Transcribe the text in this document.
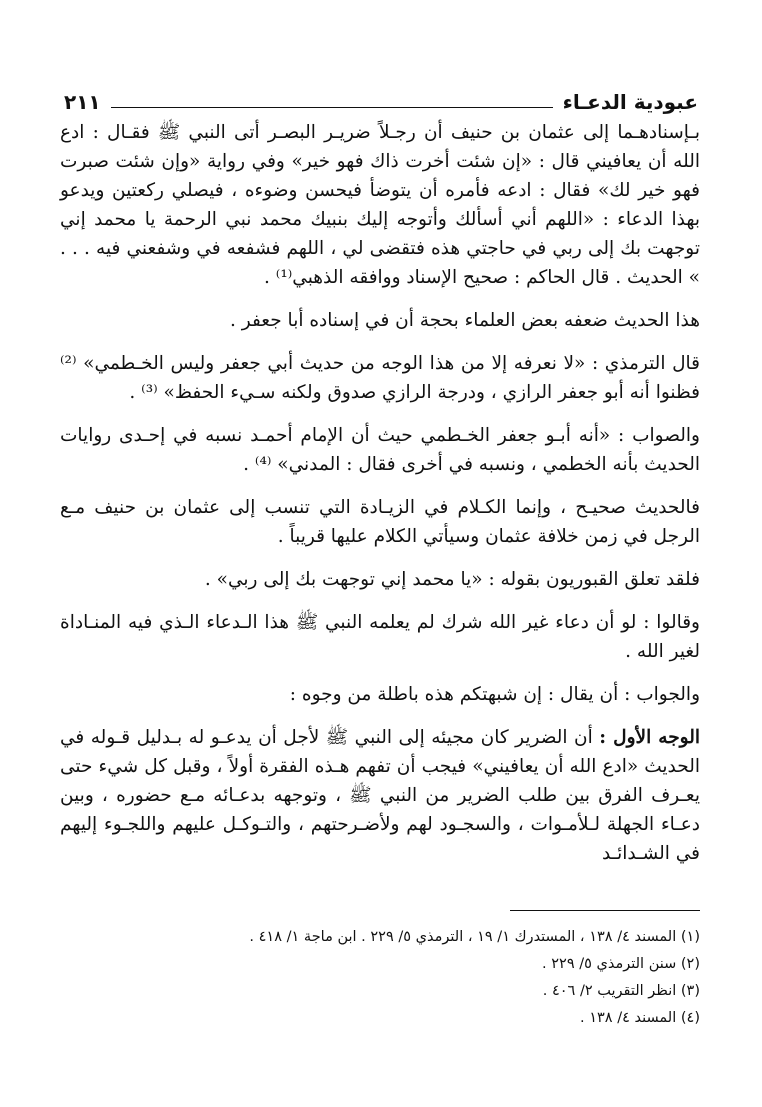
عبودية الدعـاء
٢١١

بـإسنادهـما إلى عثمان بن حنيف أن رجـلاً ضريـر البصـر أتى النبي ﷺ فقـال : ادع الله أن يعافيني قال : «إن شئت أخرت ذاك فهو خير» وفي رواية «وإن شئت صبرت فهو خير لك» فقال : ادعه فأمره أن يتوضأ فيحسن وضوءه ، فيصلي ركعتين ويدعو بهذا الدعاء : «اللهم أني أسألك وأتوجه إليك بنبيك محمد نبي الرحمة يا محمد إني توجهت بك إلى ربي في حاجتي هذه فتقضى لي ، اللهم فشفعه في وشفعني فيه . . . » الحديث . قال الحاكم : صحيح الإسناد ووافقه الذهبي⁽¹⁾ .

هذا الحديث ضعفه بعض العلماء بحجة أن في إسناده أبا جعفر .

قال الترمذي : «لا نعرفه إلا من هذا الوجه من حديث أبي جعفر وليس الخـطمي» ⁽²⁾ فظنوا أنه أبو جعفر الرازي ، ودرجة الرازي صدوق ولكنه سـيء الحفظ» ⁽³⁾ .

والصواب : «أنه أبـو جعفر الخـطمي حيث أن الإمام أحمـد نسبه في إحـدى روايات الحديث بأنه الخطمي ، ونسبه في أخرى فقال : المدني» ⁽⁴⁾ .

فالحديث صحيـح ، وإنما الكـلام في الزيـادة التي تنسب إلى عثمان بن حنيف مـع الرجل في زمن خلافة عثمان وسيأتي الكلام عليها قريباً .

فلقد تعلق القبوريون بقوله : «يا محمد إني توجهت بك إلى ربي» .

وقالوا : لو أن دعاء غير الله شرك لم يعلمه النبي ﷺ هذا الـدعاء الـذي فيه المنـاداة لغير الله .

والجواب : أن يقال : إن شبهتكم هذه باطلة من وجوه :

الوجه الأول : أن الضرير كان مجيئه إلى النبي ﷺ لأجل أن يدعـو له بـدليل قـوله في الحديث «ادع الله أن يعافيني» فيجب أن تفهم هـذه الفقرة أولاً ، وقبل كل شيء حتى يعـرف الفرق بين طلب الضرير من النبي ﷺ ، وتوجهه بدعـائه مـع حضوره ، وبين دعـاء الجهلة لـلأمـوات ، والسجـود لهم ولأضـرحتهم ، والتـوكـل عليهم واللجـوء إليهم في الشـدائـد

(١) المسند ٤/ ١٣٨ ، المستدرك ١/ ١٩ ، الترمذي ٥/ ٢٢٩ . ابن ماجة ١/ ٤١٨ .
(٢) سنن الترمذي ٥/ ٢٢٩ .
(٣) انظر التقريب ٢/ ٤٠٦ .
(٤) المسند ٤/ ١٣٨ .
